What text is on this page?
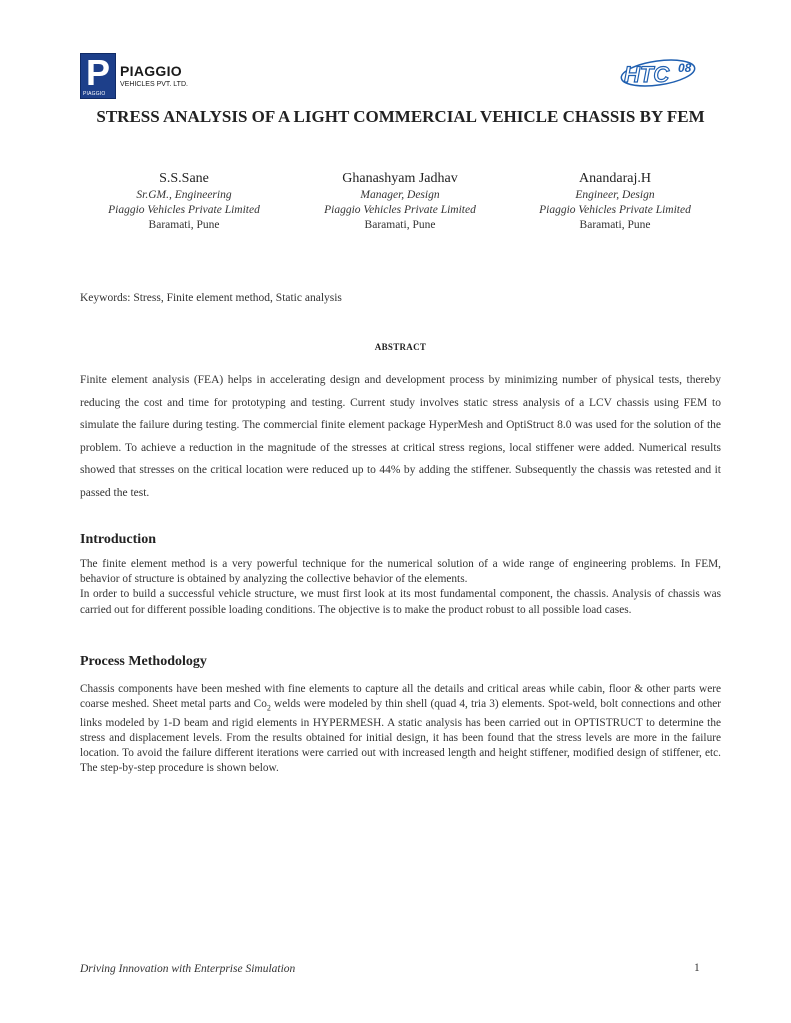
P
PIAGGIO
PIAGGIO
VEHICLES PVT. LTD.	HTC 08
STRESS ANALYSIS OF A LIGHT COMMERCIAL VEHICLE CHASSIS BY FEM
S.S.Sane
Sr.GM., Engineering
Piaggio Vehicles Private Limited
Baramati, Pune
Ghanashyam Jadhav
Manager, Design
Piaggio Vehicles Private Limited
Baramati, Pune
Anandaraj.H
Engineer, Design
Piaggio Vehicles Private Limited
Baramati, Pune
Keywords: Stress, Finite element method, Static analysis
ABSTRACT
Finite element analysis (FEA) helps in accelerating design and development process by minimizing number of physical tests, thereby reducing the cost and time for prototyping and testing. Current study involves static stress analysis of a LCV chassis using FEM to simulate the failure during testing. The commercial finite element package HyperMesh and OptiStruct 8.0 was used for the solution of the problem. To achieve a reduction in the magnitude of the stresses at critical stress regions, local stiffener were added. Numerical results showed that stresses on the critical location were reduced up to 44% by adding the stiffener. Subsequently the chassis was retested and it passed the test.
Introduction

The finite element method is a very powerful technique for the numerical solution of a wide range of engineering problems. In FEM, behavior of structure is obtained by analyzing the collective behavior of the elements.

In order to build a successful vehicle structure, we must first look at its most fundamental component, the chassis. Analysis of chassis was carried out for different possible loading conditions. The objective is to make the product robust to all possible load cases.

Process Methodology
Chassis components have been meshed with fine elements to capture all the details and critical areas while cabin, floor & other parts were coarse meshed. Sheet metal parts and $Co_2$ welds were modeled by thin shell (quad 4, tria 3) elements. Spot-weld, bolt connections and other links modeled by 1-D beam and rigid elements in HYPERMESH. A static analysis has been carried out in OPTISTRUCT to determine the stress and displacement levels. From the results obtained for initial design, it has been found that the stress levels are more in the failure location. To avoid the failure different iterations were carried out with increased length and height stiffener, modified design of stiffener, etc. The step-by-step procedure is shown below.
Driving Innovation with Enterprise Simulation	1
